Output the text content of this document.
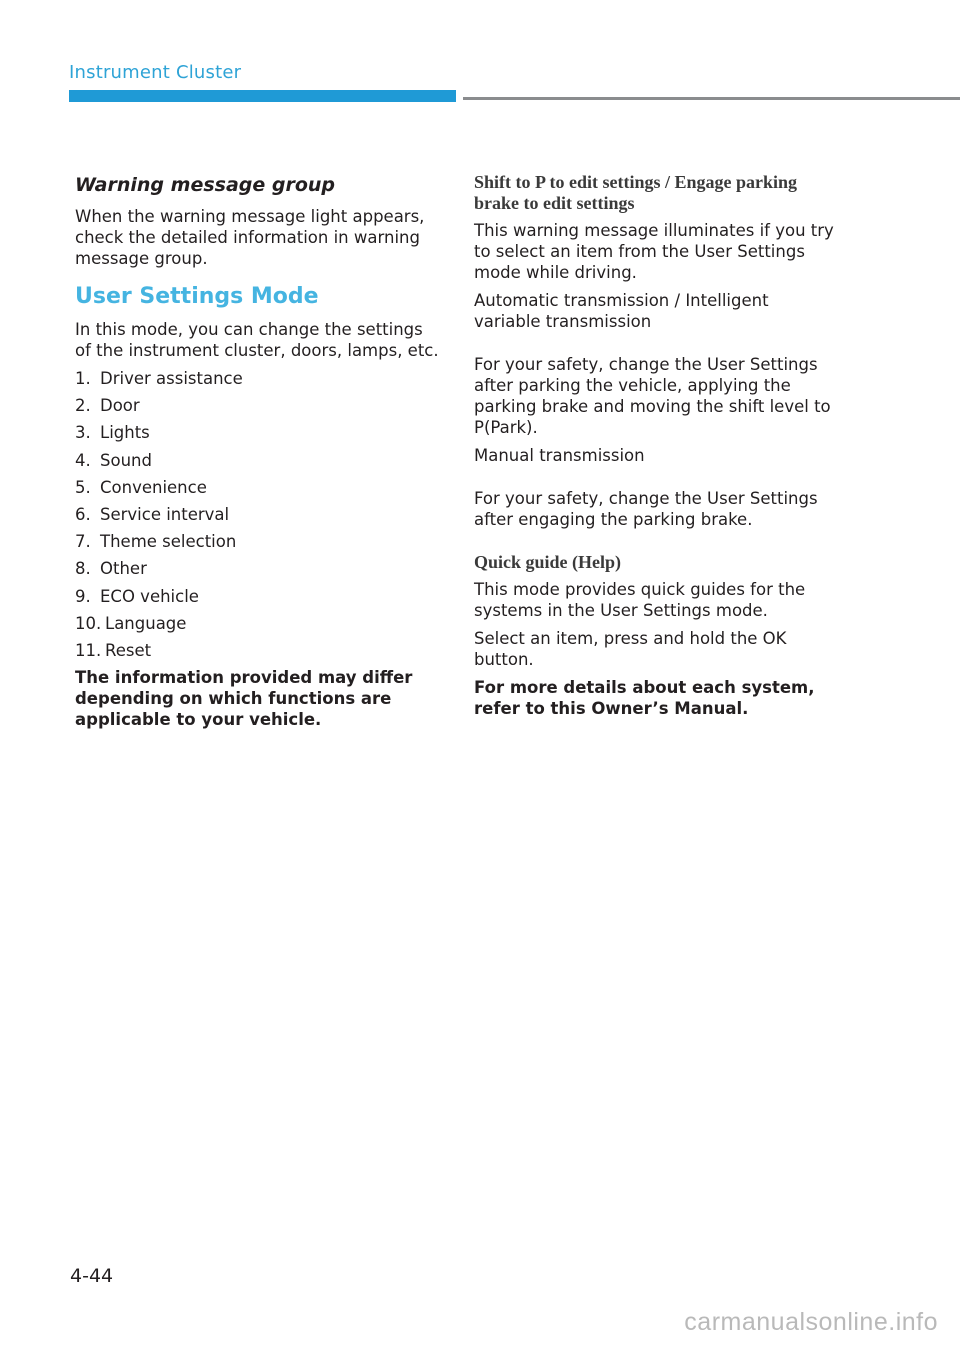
Instrument Cluster
Warning message group

When the warning message light appears, check the detailed information in warning message group.

User Settings Mode

In this mode, you can change the settings of the instrument cluster, doors, lamps, etc.

1. Driver assistance
2. Door
3. Lights
4. Sound
5. Convenience
6. Service interval
7. Theme selection
8. Other
9. ECO vehicle
10. Language
11. Reset

The information provided may differ depending on which functions are applicable to your vehicle.

Shift to P to edit settings / Engage parking brake to edit settings

This warning message illuminates if you try to select an item from the User Settings mode while driving.

Automatic transmission / Intelligent variable transmission

For your safety, change the User Settings after parking the vehicle, applying the parking brake and moving the shift level to P(Park).

Manual transmission

For your safety, change the User Settings after engaging the parking brake.

Quick guide (Help)

This mode provides quick guides for the systems in the User Settings mode.

Select an item, press and hold the OK button.

For more details about each system, refer to this Owner’s Manual.

4-44
carmanualsonline.info
